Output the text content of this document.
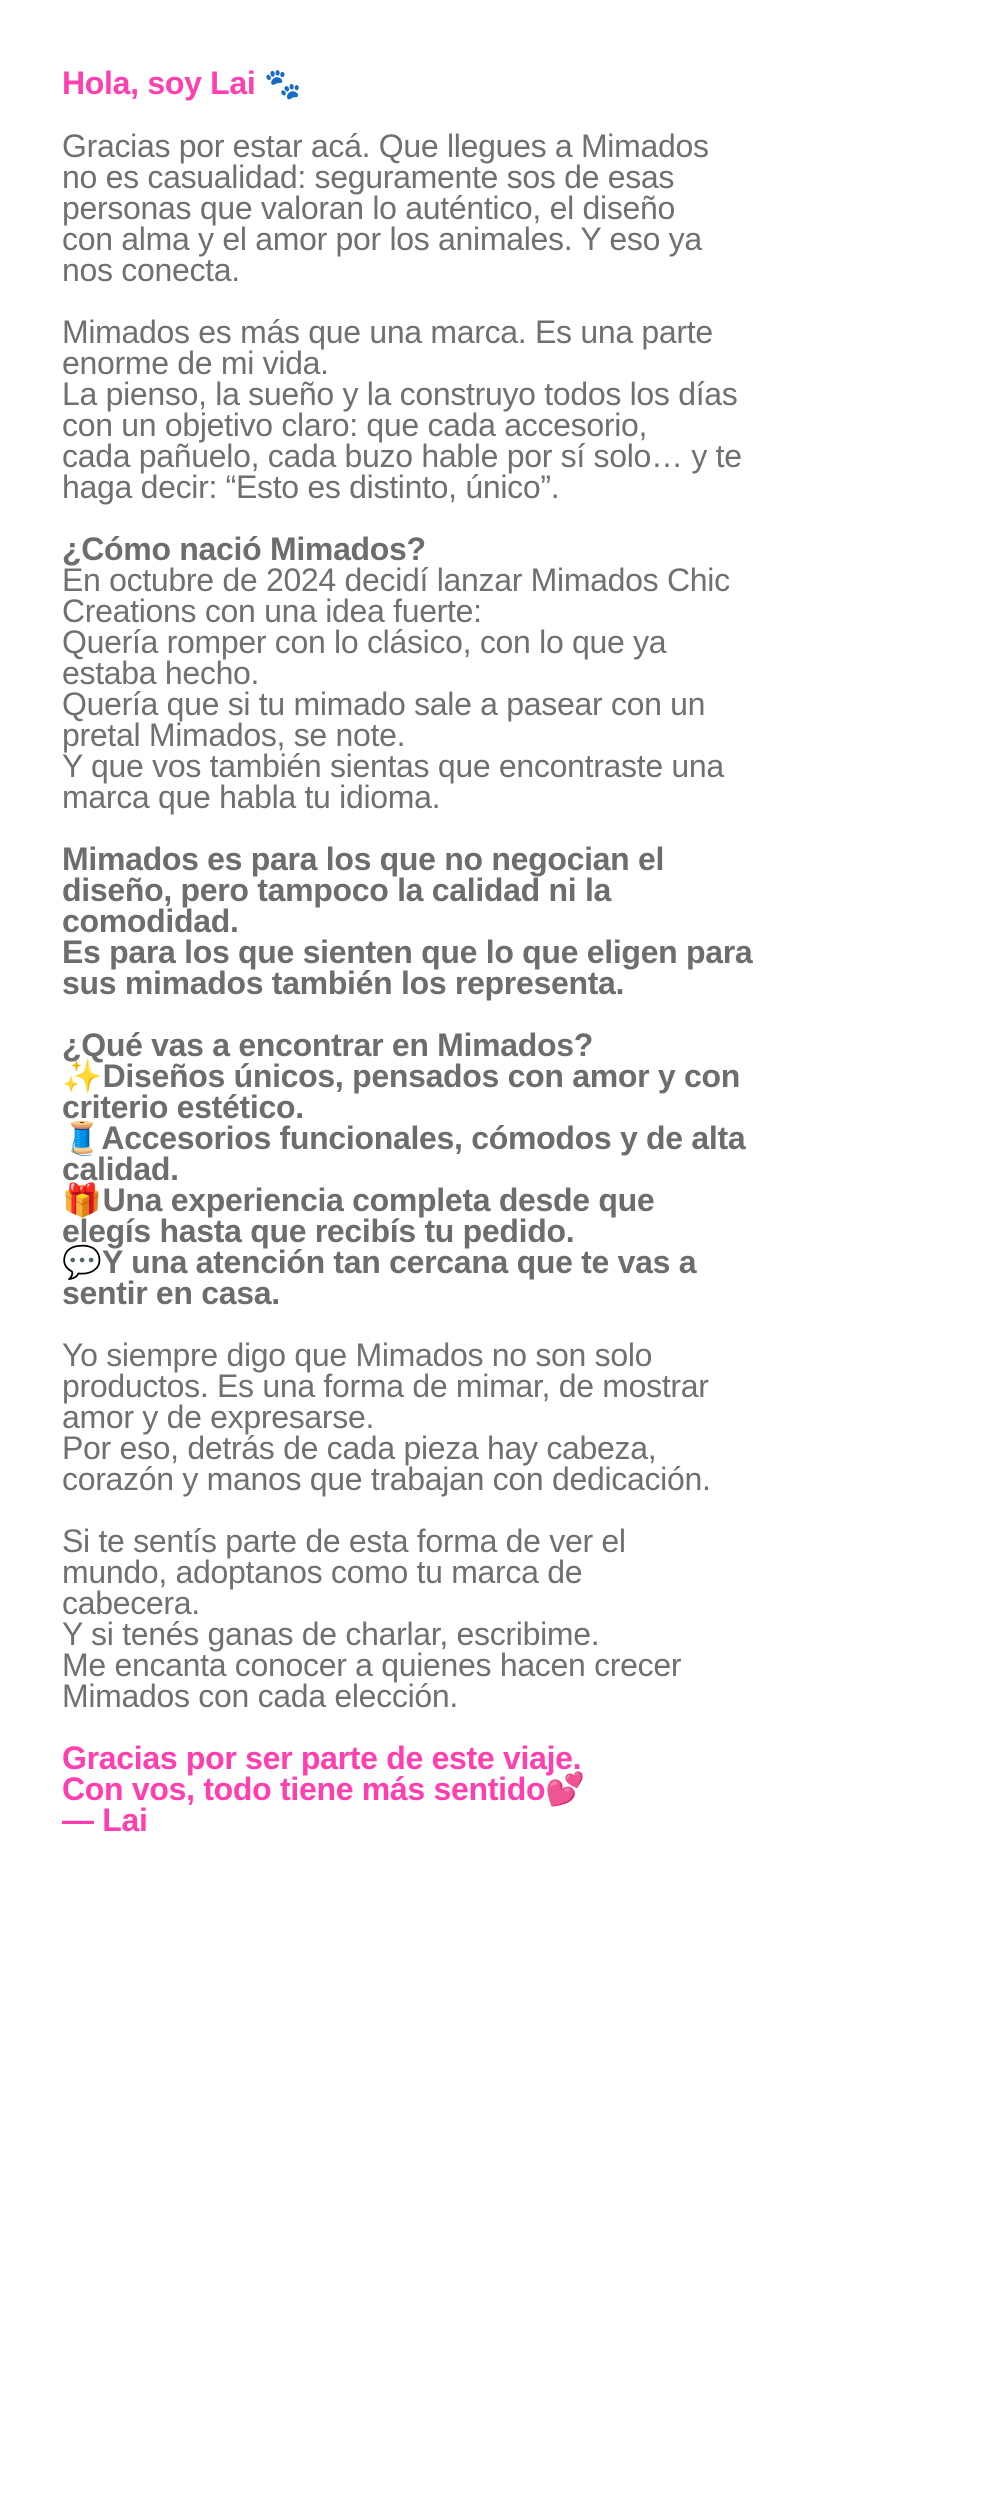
Hola, soy Lai 🐾
Gracias por estar acá. Que llegues a Mimados
no es casualidad: seguramente sos de esas
personas que valoran lo auténtico, el diseño
con alma y el amor por los animales. Y eso ya
nos conecta.
Mimados es más que una marca. Es una parte
enorme de mi vida.
La pienso, la sueño y la construyo todos los días
con un objetivo claro: que cada accesorio,
cada pañuelo, cada buzo hable por sí solo… y te
haga decir: “Esto es distinto, único”.
¿Cómo nació Mimados?
En octubre de 2024 decidí lanzar Mimados Chic
Creations con una idea fuerte:
Quería romper con lo clásico, con lo que ya
estaba hecho.
Quería que si tu mimado sale a pasear con un
pretal Mimados, se note.
Y que vos también sientas que encontraste una
marca que habla tu idioma.
Mimados es para los que no negocian el
diseño, pero tampoco la calidad ni la
comodidad.
Es para los que sienten que lo que eligen para
sus mimados también los representa.
¿Qué vas a encontrar en Mimados?
✨ Diseños únicos, pensados con amor y con
criterio estético.
🧵 Accesorios funcionales, cómodos y de alta
calidad.
🎁 Una experiencia completa desde que
elegís hasta que recibís tu pedido.
💬 Y una atención tan cercana que te vas a
sentir en casa.
Yo siempre digo que Mimados no son solo
productos. Es una forma de mimar, de mostrar
amor y de expresarse.
Por eso, detrás de cada pieza hay cabeza,
corazón y manos que trabajan con dedicación.
Si te sentís parte de esta forma de ver el
mundo, adoptanos como tu marca de
cabecera.
Y si tenés ganas de charlar, escribime.
Me encanta conocer a quienes hacen crecer
Mimados con cada elección.
Gracias por ser parte de este viaje.
Con vos, todo tiene más sentido💕
— Lai
